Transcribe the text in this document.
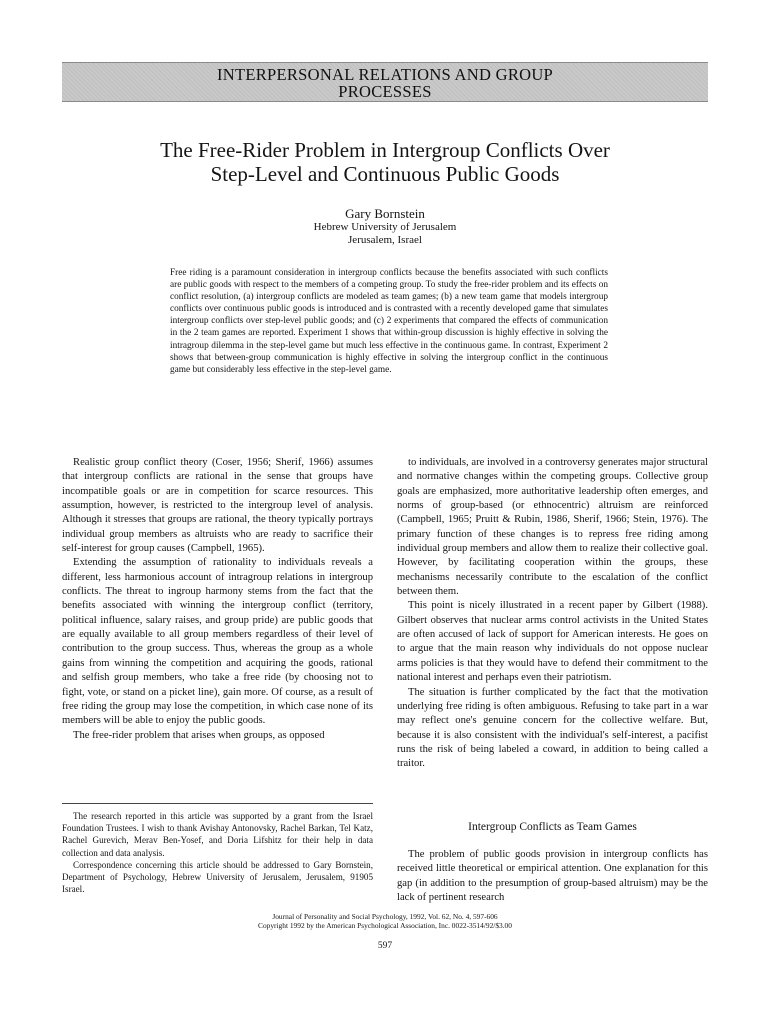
INTERPERSONAL RELATIONS AND GROUP
PROCESSES
The Free-Rider Problem in Intergroup Conflicts Over
Step-Level and Continuous Public Goods
Gary Bornstein
Hebrew University of Jerusalem
Jerusalem, Israel
Free riding is a paramount consideration in intergroup conflicts because the benefits associated with such conflicts are public goods with respect to the members of a competing group. To study the free-rider problem and its effects on conflict resolution, (a) intergroup conflicts are modeled as team games; (b) a new team game that models intergroup conflicts over continuous public goods is introduced and is contrasted with a recently developed game that simulates intergroup conflicts over step-level public goods; and (c) 2 experiments that compared the effects of communication in the 2 team games are reported. Experiment 1 shows that within-group discussion is highly effective in solving the intragroup dilemma in the step-level game but much less effective in the continuous game. In contrast, Experiment 2 shows that between-group communication is highly effective in solving the intergroup conflict in the continuous game but considerably less effective in the step-level game.

Realistic group conflict theory (Coser, 1956; Sherif, 1966) assumes that intergroup conflicts are rational in the sense that groups have incompatible goals or are in competition for scarce resources. This assumption, however, is restricted to the intergroup level of analysis. Although it stresses that groups are rational, the theory typically portrays individual group members as altruists who are ready to sacrifice their self-interest for group causes (Campbell, 1965).

Extending the assumption of rationality to individuals reveals a different, less harmonious account of intragroup relations in intergroup conflicts. The threat to ingroup harmony stems from the fact that the benefits associated with winning the intergroup conflict (territory, political influence, salary raises, and group pride) are public goods that are equally available to all group members regardless of their level of contribution to the group success. Thus, whereas the group as a whole gains from winning the competition and acquiring the goods, rational and selfish group members, who take a free ride (by choosing not to fight, vote, or stand on a picket line), gain more. Of course, as a result of free riding the group may lose the competition, in which case none of its members will be able to enjoy the public goods.

The free-rider problem that arises when groups, as opposed

to individuals, are involved in a controversy generates major structural and normative changes within the competing groups. Collective group goals are emphasized, more authoritative leadership often emerges, and norms of group-based (or ethnocentric) altruism are reinforced (Campbell, 1965; Pruitt & Rubin, 1986, Sherif, 1966; Stein, 1976). The primary function of these changes is to repress free riding among individual group members and allow them to realize their collective goal. However, by facilitating cooperation within the groups, these mechanisms necessarily contribute to the escalation of the conflict between them.

This point is nicely illustrated in a recent paper by Gilbert (1988). Gilbert observes that nuclear arms control activists in the United States are often accused of lack of support for American interests. He goes on to argue that the main reason why individuals do not oppose nuclear arms policies is that they would have to defend their commitment to the national interest and perhaps even their patriotism.

The situation is further complicated by the fact that the motivation underlying free riding is often ambiguous. Refusing to take part in a war may reflect one's genuine concern for the collective welfare. But, because it is also consistent with the individual's self-interest, a pacifist runs the risk of being labeled a coward, in addition to being called a traitor.

The research reported in this article was supported by a grant from the Israel Foundation Trustees. I wish to thank Avishay Antonovsky, Rachel Barkan, Tel Katz, Rachel Gurevich, Merav Ben-Yosef, and Doria Lifshitz for their help in data collection and data analysis.

Correspondence concerning this article should be addressed to Gary Bornstein, Department of Psychology, Hebrew University of Jerusalem, Jerusalem, 91905 Israel.

Intergroup Conflicts as Team Games

The problem of public goods provision in intergroup conflicts has received little theoretical or empirical attention. One explanation for this gap (in addition to the presumption of group-based altruism) may be the lack of pertinent research

Journal of Personality and Social Psychology, 1992, Vol. 62, No. 4, 597-606
Copyright 1992 by the American Psychological Association, Inc. 0022-3514/92/$3.00
597
